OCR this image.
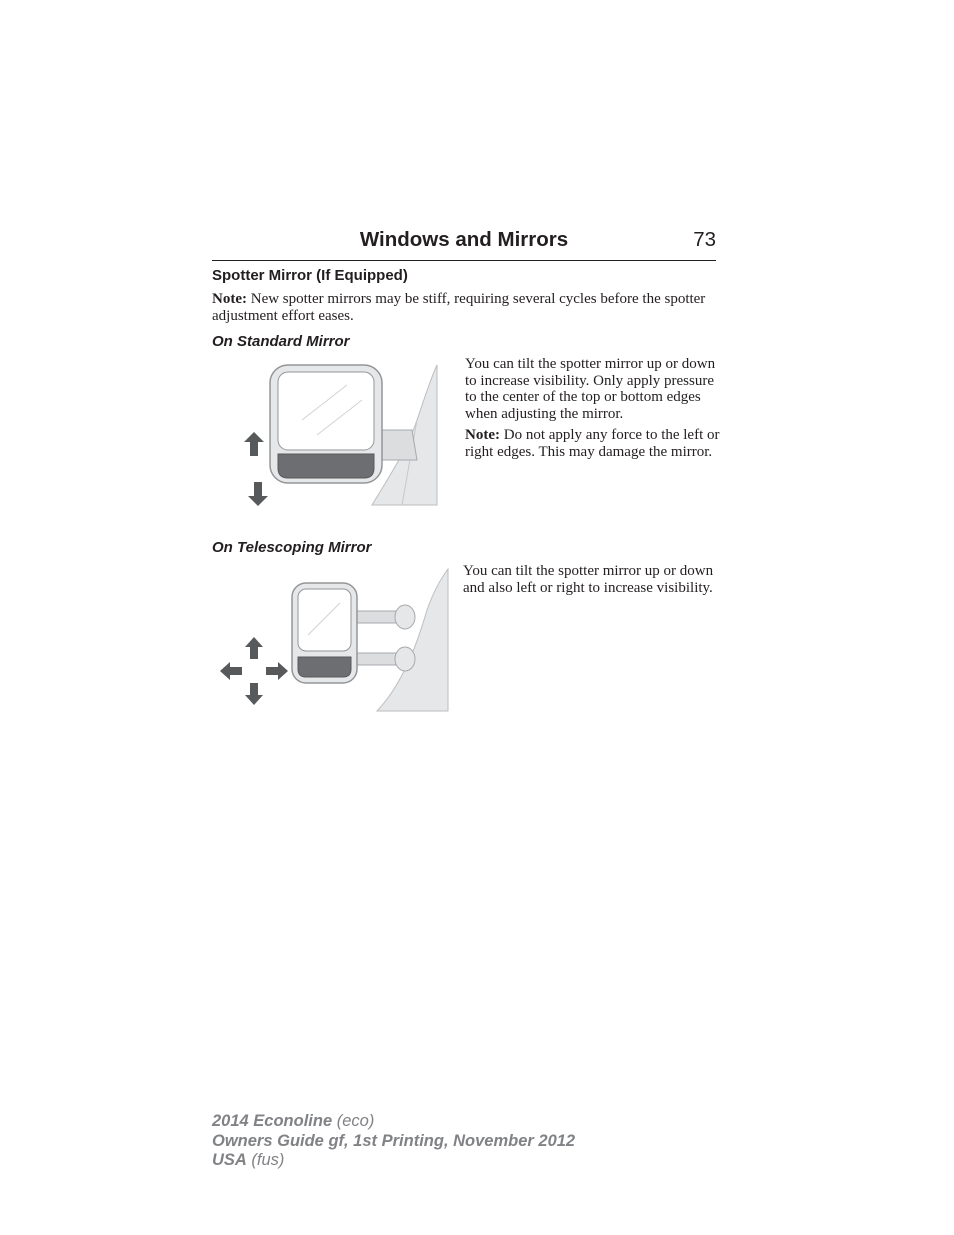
Windows and Mirrors	73
Spotter Mirror (If Equipped)
Note: New spotter mirrors may be stiff, requiring several cycles before the spotter adjustment effort eases.
On Standard Mirror

You can tilt the spotter mirror up or down to increase visibility. Only apply pressure to the center of the top or bottom edges when adjusting the mirror.

Note: Do not apply any force to the left or right edges. This may damage the mirror.

On Telescoping Mirror

You can tilt the spotter mirror up or down and also left or right to increase visibility.

2014 Econoline (eco)
Owners Guide gf, 1st Printing, November 2012
USA (fus)
